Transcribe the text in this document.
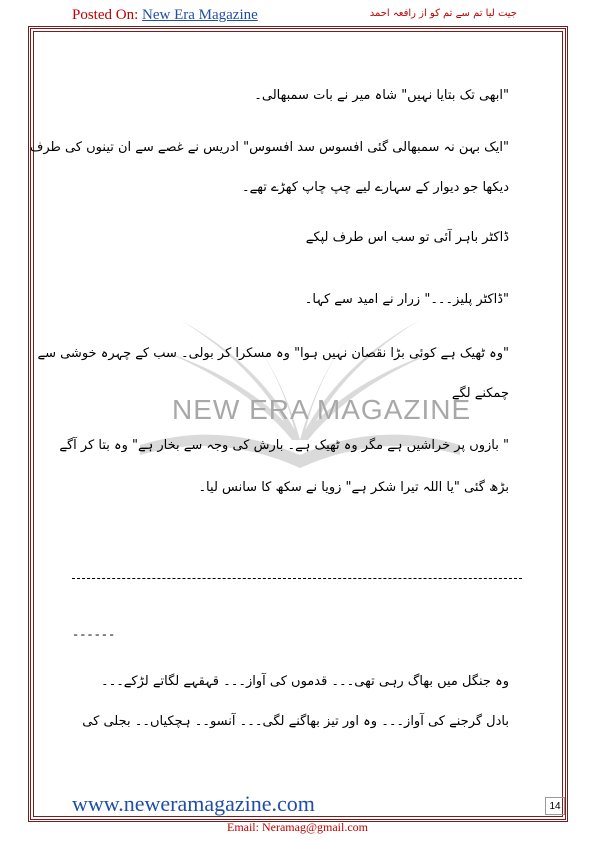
Posted On: New Era Magazine	جیت لیا تم سے تم کو از رافعہ احمد
NEW ERA MAGAZINE
"ابھی تک بتایا نہیں" شاہ میر نے بات سمبھالی۔
"ایک بہن نہ سمبھالی گئی افسوس سد افسوس" ادریس نے غصے سے ان تینوں کی طرف
دیکھا جو دیوار کے سہارے لیے چپ چاپ کھڑے تھے۔
ڈاکٹر باہر آئی تو سب اس طرف لپکے
"ڈاکٹر پلیز۔۔۔" زرار نے امید سے کہا۔
"وہ ٹھیک ہے کوئی بڑا نقصان نہیں ہوا" وہ مسکرا کر بولی۔ سب کے چہرہ خوشی سے
چمکنے لگے
" بازوں پر خراشیں ہے مگر وہ ٹھیک ہے۔ بارش کی وجہ سے بخار ہے" وہ بتا کر آگے
بڑھ گئی "یا اللہ تیرا شکر ہے" زویا نے سکھ کا سانس لیا۔
------
وہ جنگل میں بھاگ رہی تھی۔۔۔ قدموں کی آواز۔۔۔ قہقہے لگاتے لڑکے۔۔۔
بادل گرجنے کی آواز۔۔۔ وہ اور تیز بھاگنے لگی۔۔۔ آنسو۔۔ ہچکیاں۔۔ بجلی کی
www.neweramagazine.com	14
Email: Neramag@gmail.com
